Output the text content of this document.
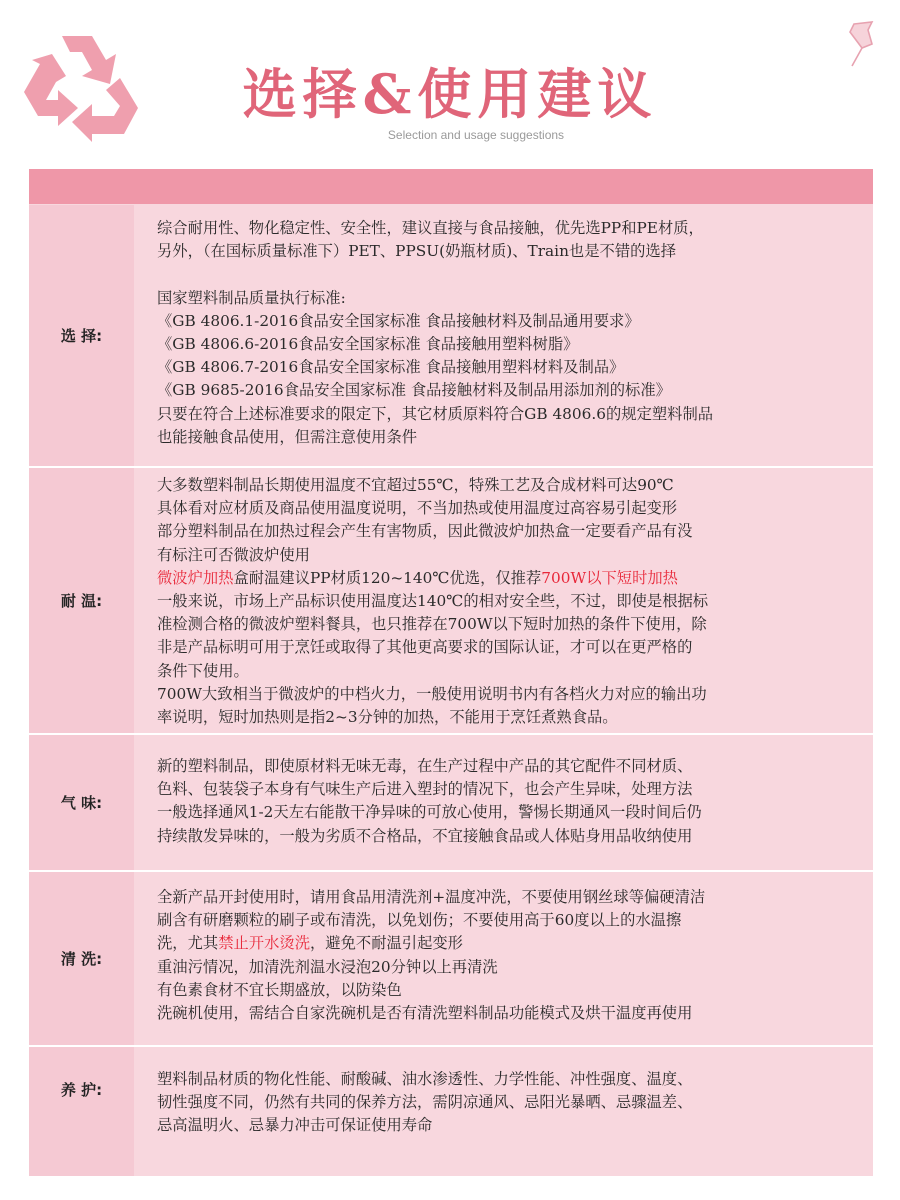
选择&使用建议
Selection and usage suggestions
选 择:
综合耐用性、物化稳定性、安全性，建议直接与食品接触，优先选PP和PE材质，
另外，（在国标质量标准下）PET、PPSU(奶瓶材质)、Train也是不错的选择
国家塑料制品质量执行标准:
《GB 4806.1-2016食品安全国家标准 食品接触材料及制品通用要求》
《GB 4806.6-2016食品安全国家标准 食品接触用塑料树脂》
《GB 4806.7-2016食品安全国家标准 食品接触用塑料材料及制品》
《GB 9685-2016食品安全国家标准 食品接触材料及制品用添加剂的标准》
只要在符合上述标准要求的限定下，其它材质原料符合GB 4806.6的规定塑料制品
也能接触食品使用，但需注意使用条件
耐 温:
大多数塑料制品长期使用温度不宜超过55℃，特殊工艺及合成材料可达90℃
具体看对应材质及商品使用温度说明，不当加热或使用温度过高容易引起变形
部分塑料制品在加热过程会产生有害物质，因此微波炉加热盒一定要看产品有没
有标注可否微波炉使用
微波炉加热盒耐温建议PP材质120~140℃优选，仅推荐700W以下短时加热
一般来说，市场上产品标识使用温度达140℃的相对安全些，不过，即使是根据标
准检测合格的微波炉塑料餐具，也只推荐在700W以下短时加热的条件下使用，除
非是产品标明可用于烹饪或取得了其他更高要求的国际认证，才可以在更严格的
条件下使用。
700W大致相当于微波炉的中档火力，一般使用说明书内有各档火力对应的输出功
率说明，短时加热则是指2~3分钟的加热，不能用于烹饪煮熟食品。
气 味:
新的塑料制品，即使原材料无味无毒，在生产过程中产品的其它配件不同材质、
色料、包装袋子本身有气味生产后进入塑封的情况下，也会产生异味，处理方法
一般选择通风1-2天左右能散干净异味的可放心使用，警惕长期通风一段时间后仍
持续散发异味的，一般为劣质不合格品，不宜接触食品或人体贴身用品收纳使用
清 洗:
全新产品开封使用时，请用食品用清洗剂+温度冲洗，不要使用钢丝球等偏硬清洁
刷含有研磨颗粒的刷子或布清洗，以免划伤；不要使用高于60度以上的水温擦
洗，尤其禁止开水烫洗，避免不耐温引起变形
重油污情况，加清洗剂温水浸泡20分钟以上再清洗
有色素食材不宜长期盛放，以防染色
洗碗机使用，需结合自家洗碗机是否有清洗塑料制品功能模式及烘干温度再使用
养 护:
塑料制品材质的物化性能、耐酸碱、油水渗透性、力学性能、冲性强度、温度、
韧性强度不同，仍然有共同的保养方法，需阴凉通风、忌阳光暴晒、忌骤温差、
忌高温明火、忌暴力冲击可保证使用寿命
